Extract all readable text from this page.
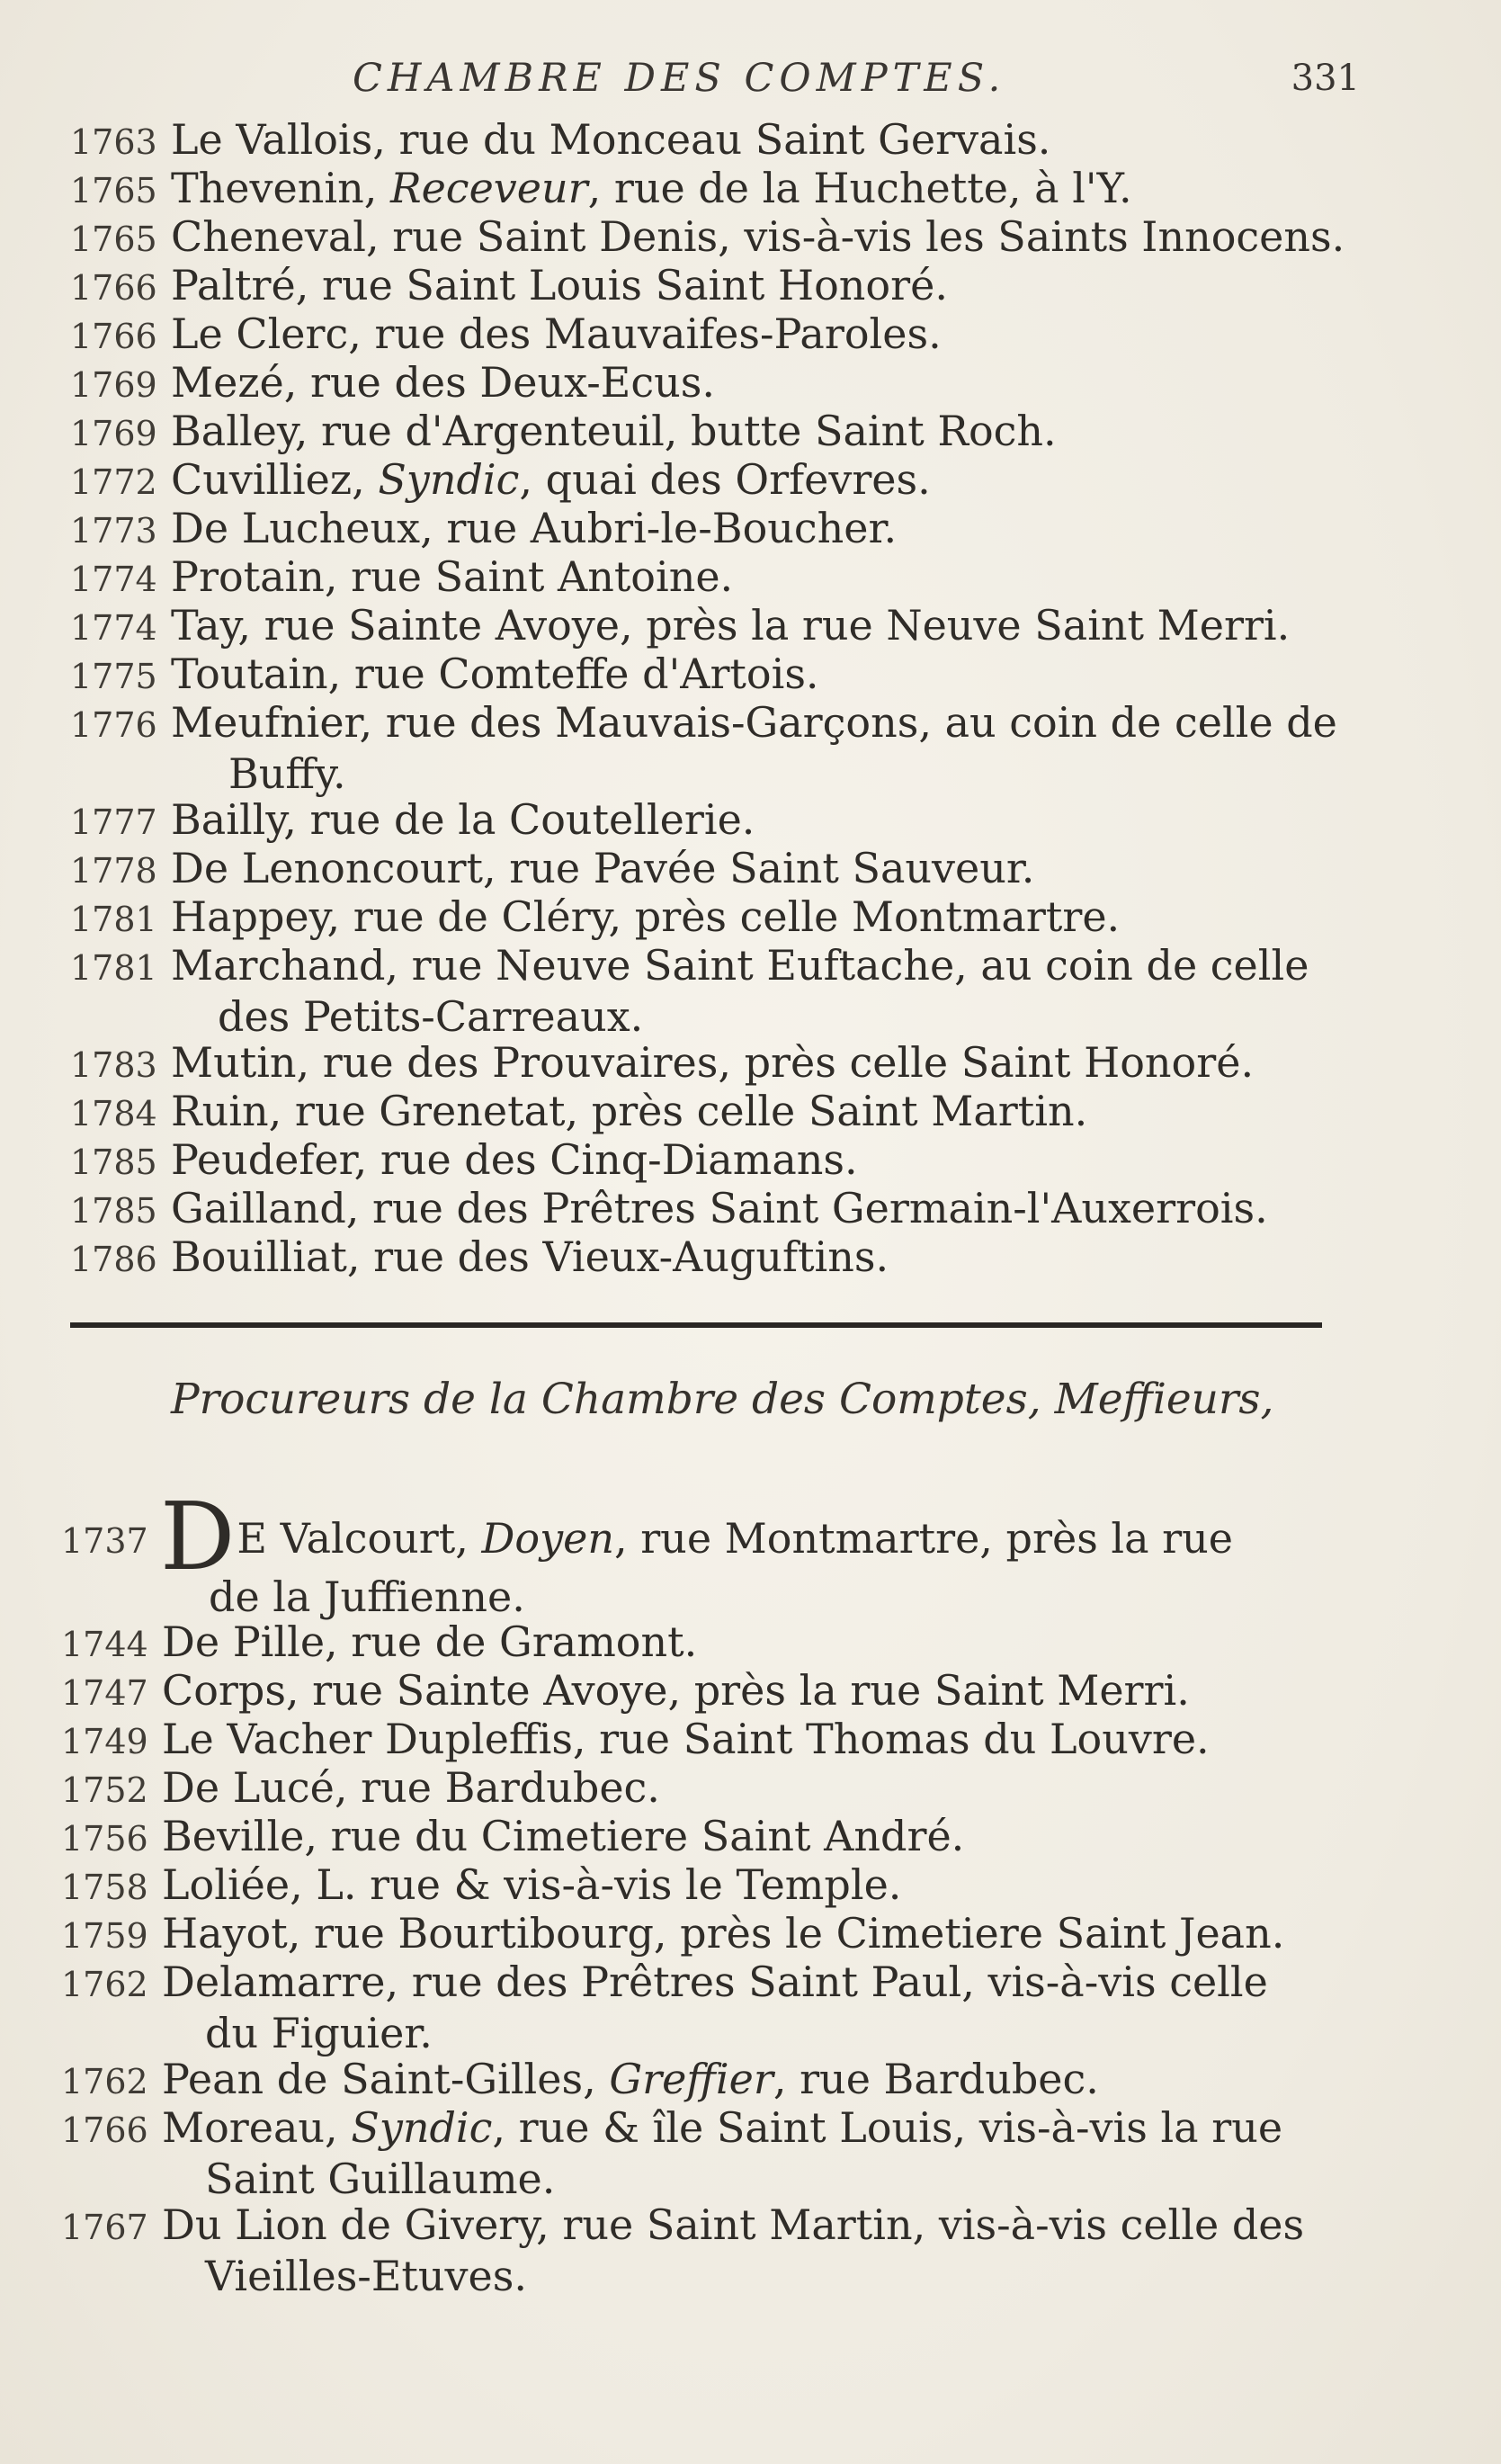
CHAMBRE DES COMPTES.	331
1763 Le Vallois, rue du Monceau Saint Gervais.
1765 Thevenin, Receveur, rue de la Huchette, à l'Y.
1765 Cheneval, rue Saint Denis, vis-à-vis les Saints Innocens.
1766 Paltré, rue Saint Louis Saint Honoré.
1766 Le Clerc, rue des Mauvaifes-Paroles.
1769 Mezé, rue des Deux-Ecus.
1769 Balley, rue d'Argenteuil, butte Saint Roch.
1772 Cuvilliez, Syndic, quai des Orfevres.
1773 De Lucheux, rue Aubri-le-Boucher.
1774 Protain, rue Saint Antoine.
1774 Tay, rue Sainte Avoye, près la rue Neuve Saint Merri.
1775 Toutain, rue Comteffe d'Artois.
1776 Meufnier, rue des Mauvais-Garçons, au coin de celle de
Buffy.
1777 Bailly, rue de la Coutellerie.
1778 De Lenoncourt, rue Pavée Saint Sauveur.
1781 Happey, rue de Cléry, près celle Montmartre.
1781 Marchand, rue Neuve Saint Euftache, au coin de celle
des Petits-Carreaux.
1783 Mutin, rue des Prouvaires, près celle Saint Honoré.
1784 Ruin, rue Grenetat, près celle Saint Martin.
1785 Peudefer, rue des Cinq-Diamans.
1785 Gailland, rue des Prêtres Saint Germain-l'Auxerrois.
1786 Bouilliat, rue des Vieux-Auguftins.
Procureurs de la Chambre des Comptes, Meffieurs,
1737 DE Valcourt, Doyen, rue Montmartre, près la rue
de la Juffienne.
1744 De Pille, rue de Gramont.
1747 Corps, rue Sainte Avoye, près la rue Saint Merri.
1749 Le Vacher Dupleffis, rue Saint Thomas du Louvre.
1752 De Lucé, rue Bardubec.
1756 Beville, rue du Cimetiere Saint André.
1758 Loliée, L. rue & vis-à-vis le Temple.
1759 Hayot, rue Bourtibourg, près le Cimetiere Saint Jean.
1762 Delamarre, rue des Prêtres Saint Paul, vis-à-vis celle
du Figuier.
1762 Pean de Saint-Gilles, Greffier, rue Bardubec.
1766 Moreau, Syndic, rue & île Saint Louis, vis-à-vis la rue
Saint Guillaume.
1767 Du Lion de Givery, rue Saint Martin, vis-à-vis celle des
Vieilles-Etuves.
